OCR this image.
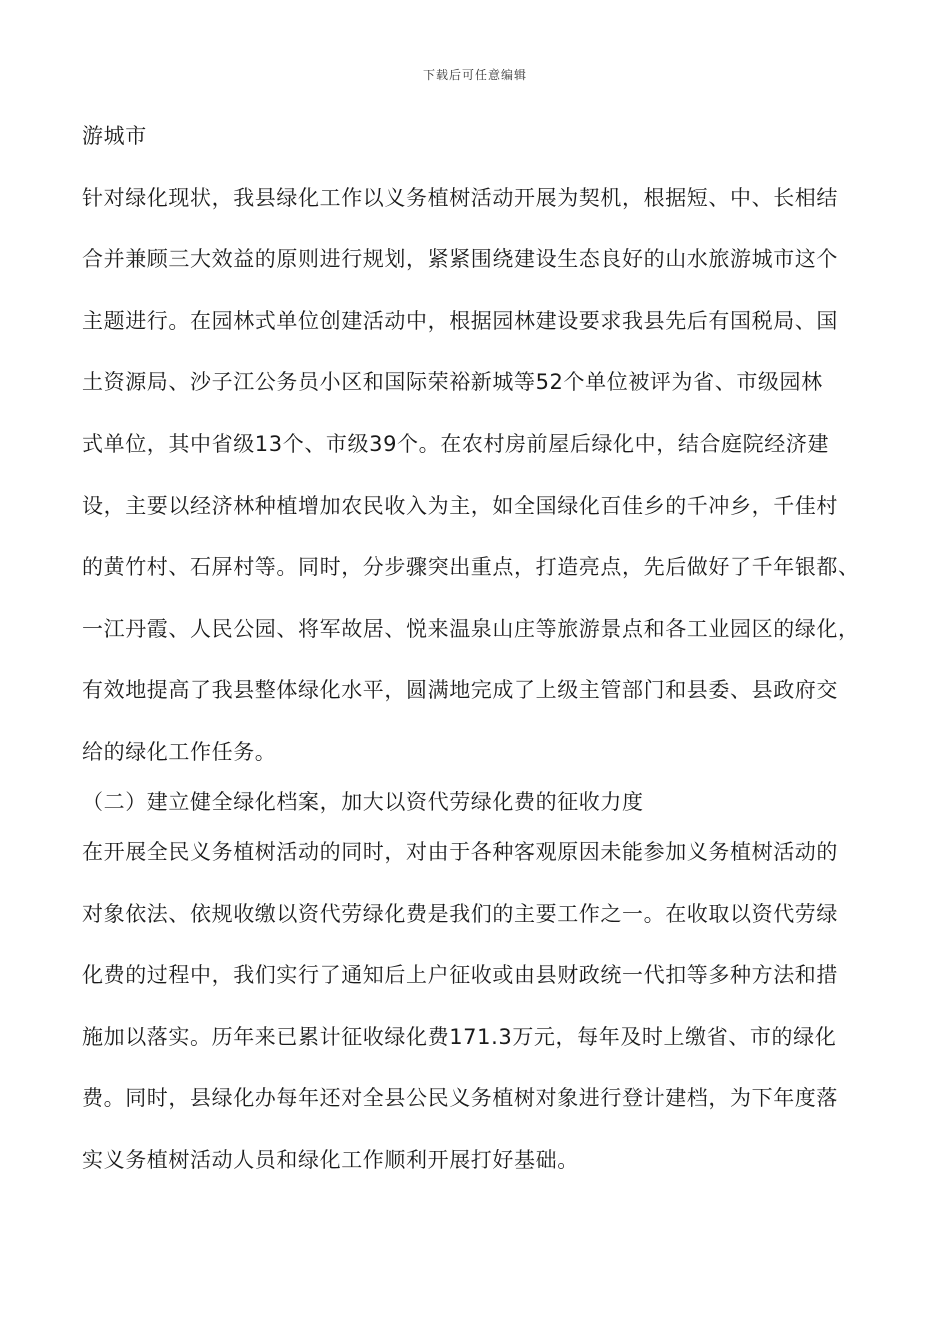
下载后可任意编辑
游城市
针对绿化现状，我县绿化工作以义务植树活动开展为契机，根据短、中、长相结
合并兼顾三大效益的原则进行规划，紧紧围绕建设生态良好的山水旅游城市这个
主题进行。在园林式单位创建活动中，根据园林建设要求我县先后有国税局、国
土资源局、沙子江公务员小区和国际荣裕新城等52个单位被评为省、市级园林
式单位，其中省级13个、市级39个。在农村房前屋后绿化中，结合庭院经济建
设，主要以经济林种植增加农民收入为主，如全国绿化百佳乡的千冲乡，千佳村
的黄竹村、石屏村等。同时，分步骤突出重点，打造亮点，先后做好了千年银都、
一江丹霞、人民公园、将军故居、悦来温泉山庄等旅游景点和各工业园区的绿化，
有效地提高了我县整体绿化水平，圆满地完成了上级主管部门和县委、县政府交
给的绿化工作任务。
（二）建立健全绿化档案，加大以资代劳绿化费的征收力度
在开展全民义务植树活动的同时，对由于各种客观原因未能参加义务植树活动的
对象依法、依规收缴以资代劳绿化费是我们的主要工作之一。在收取以资代劳绿
化费的过程中，我们实行了通知后上户征收或由县财政统一代扣等多种方法和措
施加以落实。历年来已累计征收绿化费171.3万元，每年及时上缴省、市的绿化
费。同时，县绿化办每年还对全县公民义务植树对象进行登计建档，为下年度落
实义务植树活动人员和绿化工作顺利开展打好基础。
